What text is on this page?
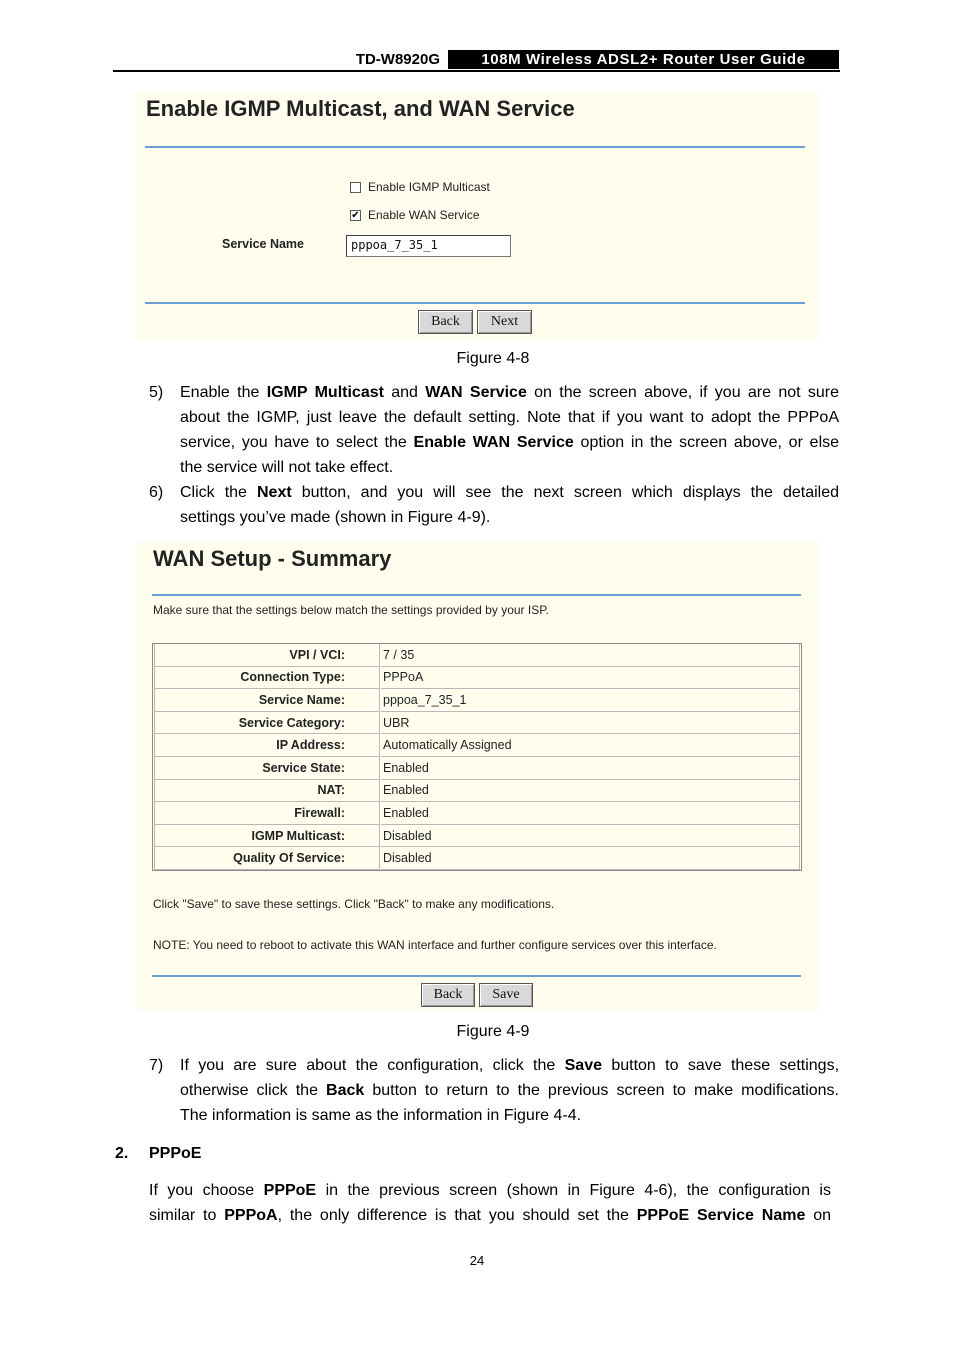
TD-W8920G	108M Wireless ADSL2+ Router User Guide
Enable IGMP Multicast, and WAN Service
Enable IGMP Multicast
✔ Enable WAN Service
Service Name	pppoa_7_35_1
Back	Next
Figure 4-8
5) Enable the IGMP Multicast and WAN Service on the screen above, if you are not sure
about the IGMP, just leave the default setting. Note that if you want to adopt the PPPoA
service, you have to select the Enable WAN Service option in the screen above, or else
the service will not take effect.
6) Click the Next button, and you will see the next screen which displays the detailed
settings you’ve made (shown in Figure 4-9).
WAN Setup - Summary
Make sure that the settings below match the settings provided by your ISP.
VPI / VCI:	7 / 35
Connection Type:	PPPoA
Service Name:	pppoa_7_35_1
Service Category:	UBR
IP Address:	Automatically Assigned
Service State:	Enabled
NAT:	Enabled
Firewall:	Enabled
IGMP Multicast:	Disabled
Quality Of Service:	Disabled
Click "Save" to save these settings. Click "Back" to make any modifications.
NOTE: You need to reboot to activate this WAN interface and further configure services over this interface.
Back	Save
Figure 4-9
7) If you are sure about the configuration, click the Save button to save these settings,
otherwise click the Back button to return to the previous screen to make modifications.
The information is same as the information in Figure 4-4.
2. PPPoE
If you choose PPPoE in the previous screen (shown in Figure 4-6), the configuration is
similar to PPPoA, the only difference is that you should set the PPPoE Service Name on
24
